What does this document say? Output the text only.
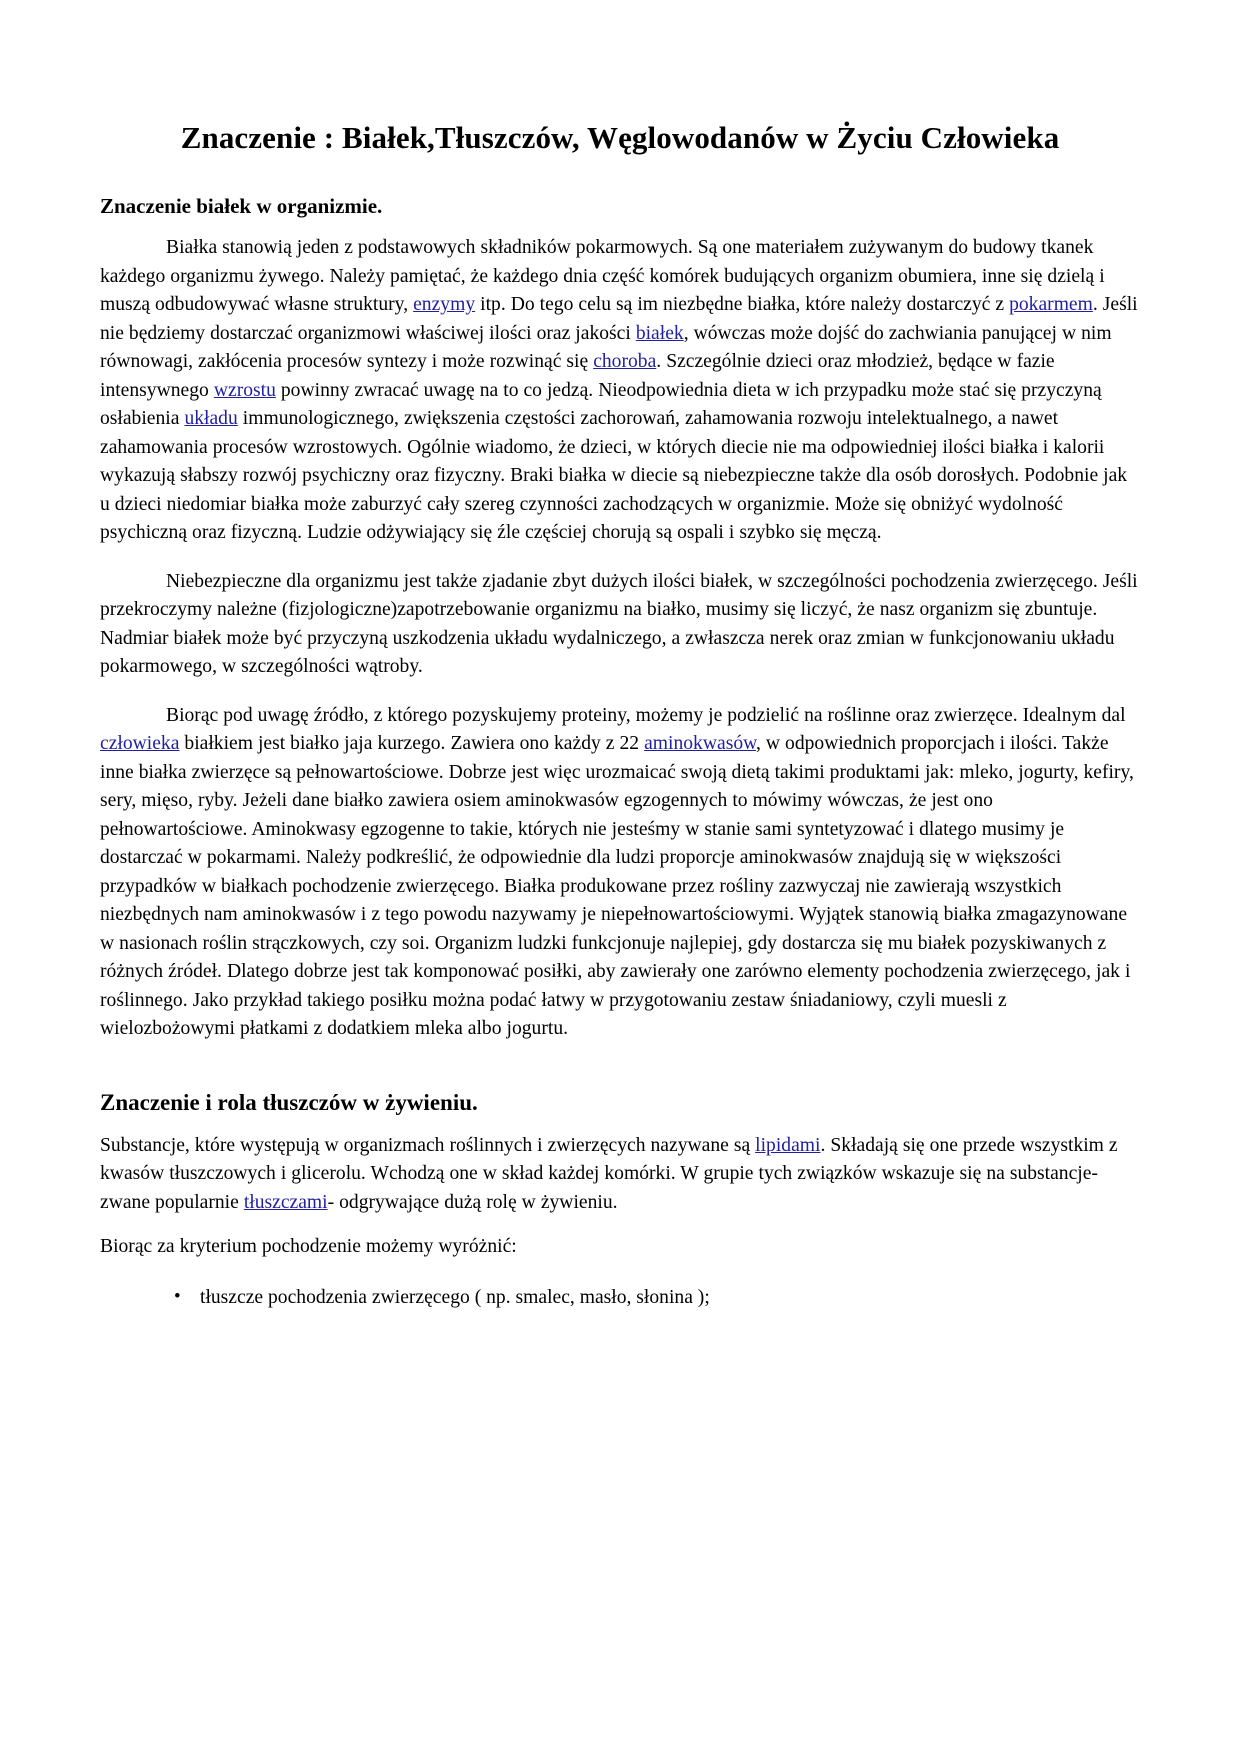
Znaczenie : Białek,Tłuszczów, Węglowodanów w Życiu Człowieka
Znaczenie białek w organizmie.

Białka stanowią jeden z podstawowych składników pokarmowych. Są one materiałem zużywanym do budowy tkanek każdego organizmu żywego. Należy pamiętać, że każdego dnia część komórek budujących organizm obumiera, inne się dzielą i muszą odbudowywać własne struktury, enzymy itp. Do tego celu są im niezbędne białka, które należy dostarczyć z pokarmem. Jeśli nie będziemy dostarczać organizmowi właściwej ilości oraz jakości białek, wówczas może dojść do zachwiania panującej w nim równowagi, zakłócenia procesów syntezy i może rozwinąć się choroba. Szczególnie dzieci oraz młodzież, będące w fazie intensywnego wzrostu powinny zwracać uwagę na to co jedzą. Nieodpowiednia dieta w ich przypadku może stać się przyczyną osłabienia układu immunologicznego, zwiększenia częstości zachorowań, zahamowania rozwoju intelektualnego, a nawet zahamowania procesów wzrostowych. Ogólnie wiadomo, że dzieci, w których diecie nie ma odpowiedniej ilości białka i kalorii wykazują słabszy rozwój psychiczny oraz fizyczny. Braki białka w diecie są niebezpieczne także dla osób dorosłych. Podobnie jak u dzieci niedomiar białka może zaburzyć cały szereg czynności zachodzących w organizmie. Może się obniżyć wydolność psychiczną oraz fizyczną. Ludzie odżywiający się źle częściej chorują są ospali i szybko się męczą.

Niebezpieczne dla organizmu jest także zjadanie zbyt dużych ilości białek, w szczególności pochodzenia zwierzęcego. Jeśli przekroczymy należne (fizjologiczne)zapotrzebowanie organizmu na białko, musimy się liczyć, że nasz organizm się zbuntuje. Nadmiar białek może być przyczyną uszkodzenia układu wydalniczego, a zwłaszcza nerek oraz zmian w funkcjonowaniu układu pokarmowego, w szczególności wątroby.

Biorąc pod uwagę źródło, z którego pozyskujemy proteiny, możemy je podzielić na roślinne oraz zwierzęce. Idealnym dal człowieka białkiem jest białko jaja kurzego. Zawiera ono każdy z 22 aminokwasów, w odpowiednich proporcjach i ilości. Także inne białka zwierzęce są pełnowartościowe. Dobrze jest więc urozmaicać swoją dietą takimi produktami jak: mleko, jogurty, kefiry, sery, mięso, ryby. Jeżeli dane białko zawiera osiem aminokwasów egzogennych to mówimy wówczas, że jest ono pełnowartościowe. Aminokwasy egzogenne to takie, których nie jesteśmy w stanie sami syntetyzować i dlatego musimy je dostarczać w pokarmami. Należy podkreślić, że odpowiednie dla ludzi proporcje aminokwasów znajdują się w większości przypadków w białkach pochodzenie zwierzęcego. Białka produkowane przez rośliny zazwyczaj nie zawierają wszystkich niezbędnych nam aminokwasów i z tego powodu nazywamy je niepełnowartościowymi. Wyjątek stanowią białka zmagazynowane w nasionach roślin strączkowych, czy soi. Organizm ludzki funkcjonuje najlepiej, gdy dostarcza się mu białek pozyskiwanych z różnych źródeł. Dlatego dobrze jest tak komponować posiłki, aby zawierały one zarówno elementy pochodzenia zwierzęcego, jak i roślinnego. Jako przykład takiego posiłku można podać łatwy w przygotowaniu zestaw śniadaniowy, czyli muesli z wielozbożowymi płatkami z dodatkiem mleka albo jogurtu.

Znaczenie i rola tłuszczów w żywieniu.

Substancje, które występują w organizmach roślinnych i zwierzęcych nazywane są lipidami. Składają się one przede wszystkim z kwasów tłuszczowych i glicerolu. Wchodzą one w skład każdej komórki. W grupie tych związków wskazuje się na substancje- zwane popularnie tłuszczami- odgrywające dużą rolę w żywieniu.

Biorąc za kryterium pochodzenie możemy wyróżnić:

• tłuszcze pochodzenia zwierzęcego ( np. smalec, masło, słonina );
